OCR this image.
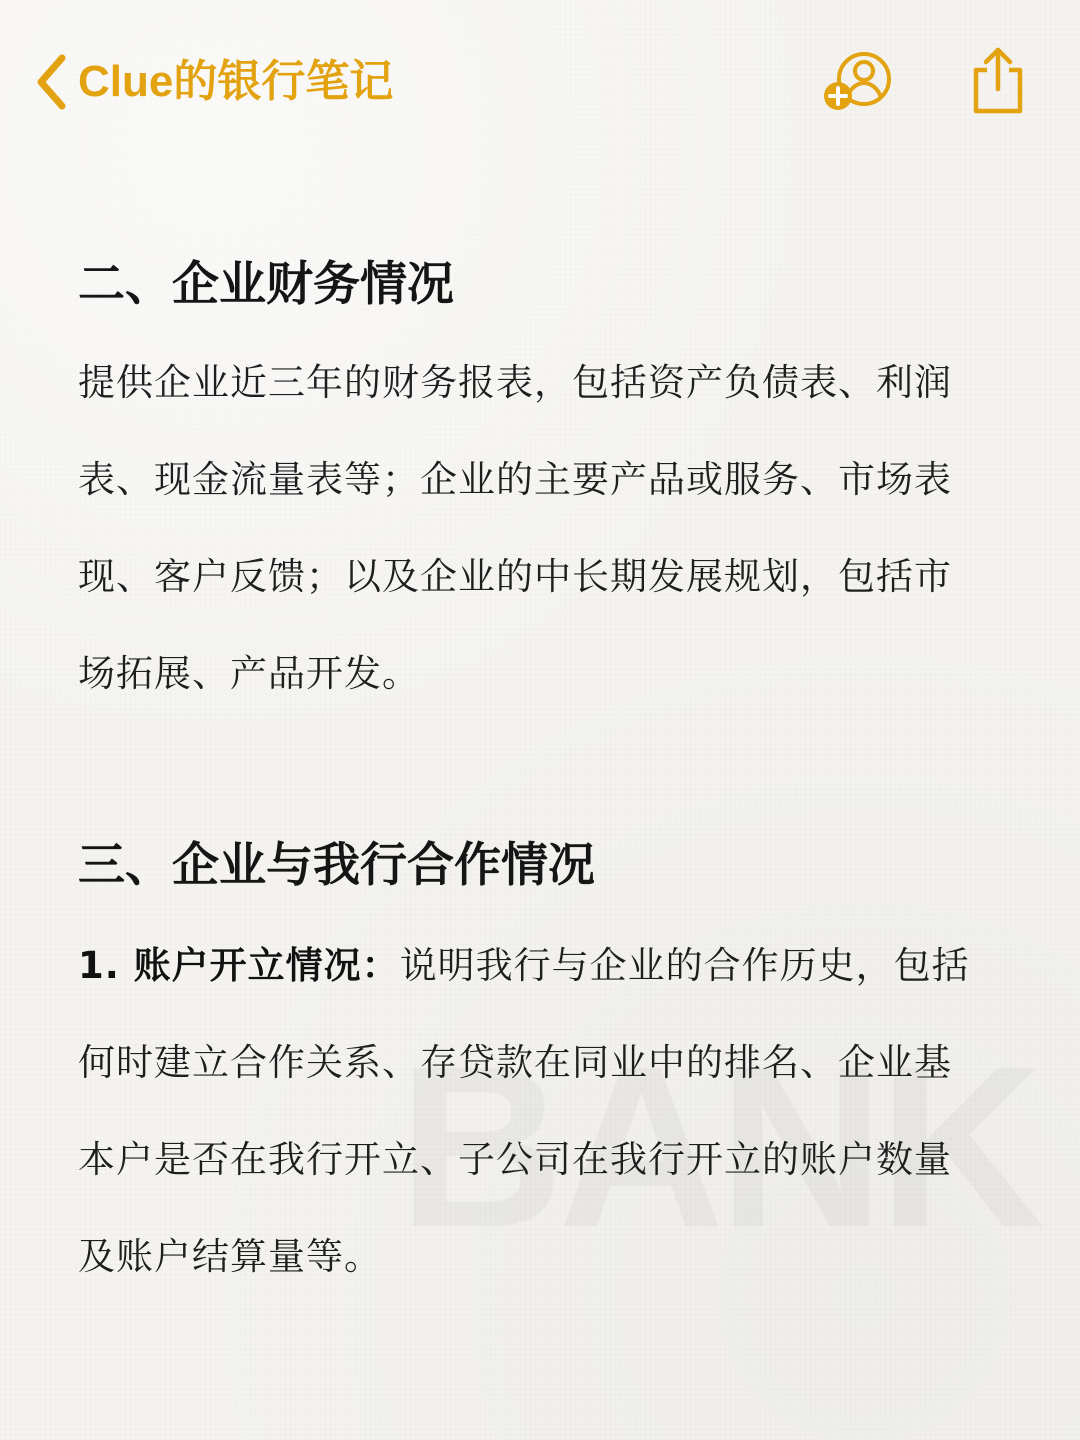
Clue的银行笔记
二、企业财务情况

提供企业近三年的财务报表，包括资产负债表、利润表、现金流量表等；企业的主要产品或服务、市场表现、客户反馈；以及企业的中长期发展规划，包括市场拓展、产品开发。

三、企业与我行合作情况

1. 账户开立情况：说明我行与企业的合作历史，包括何时建立合作关系、存贷款在同业中的排名、企业基本户是否在我行开立、子公司在我行开立的账户数量及账户结算量等。
